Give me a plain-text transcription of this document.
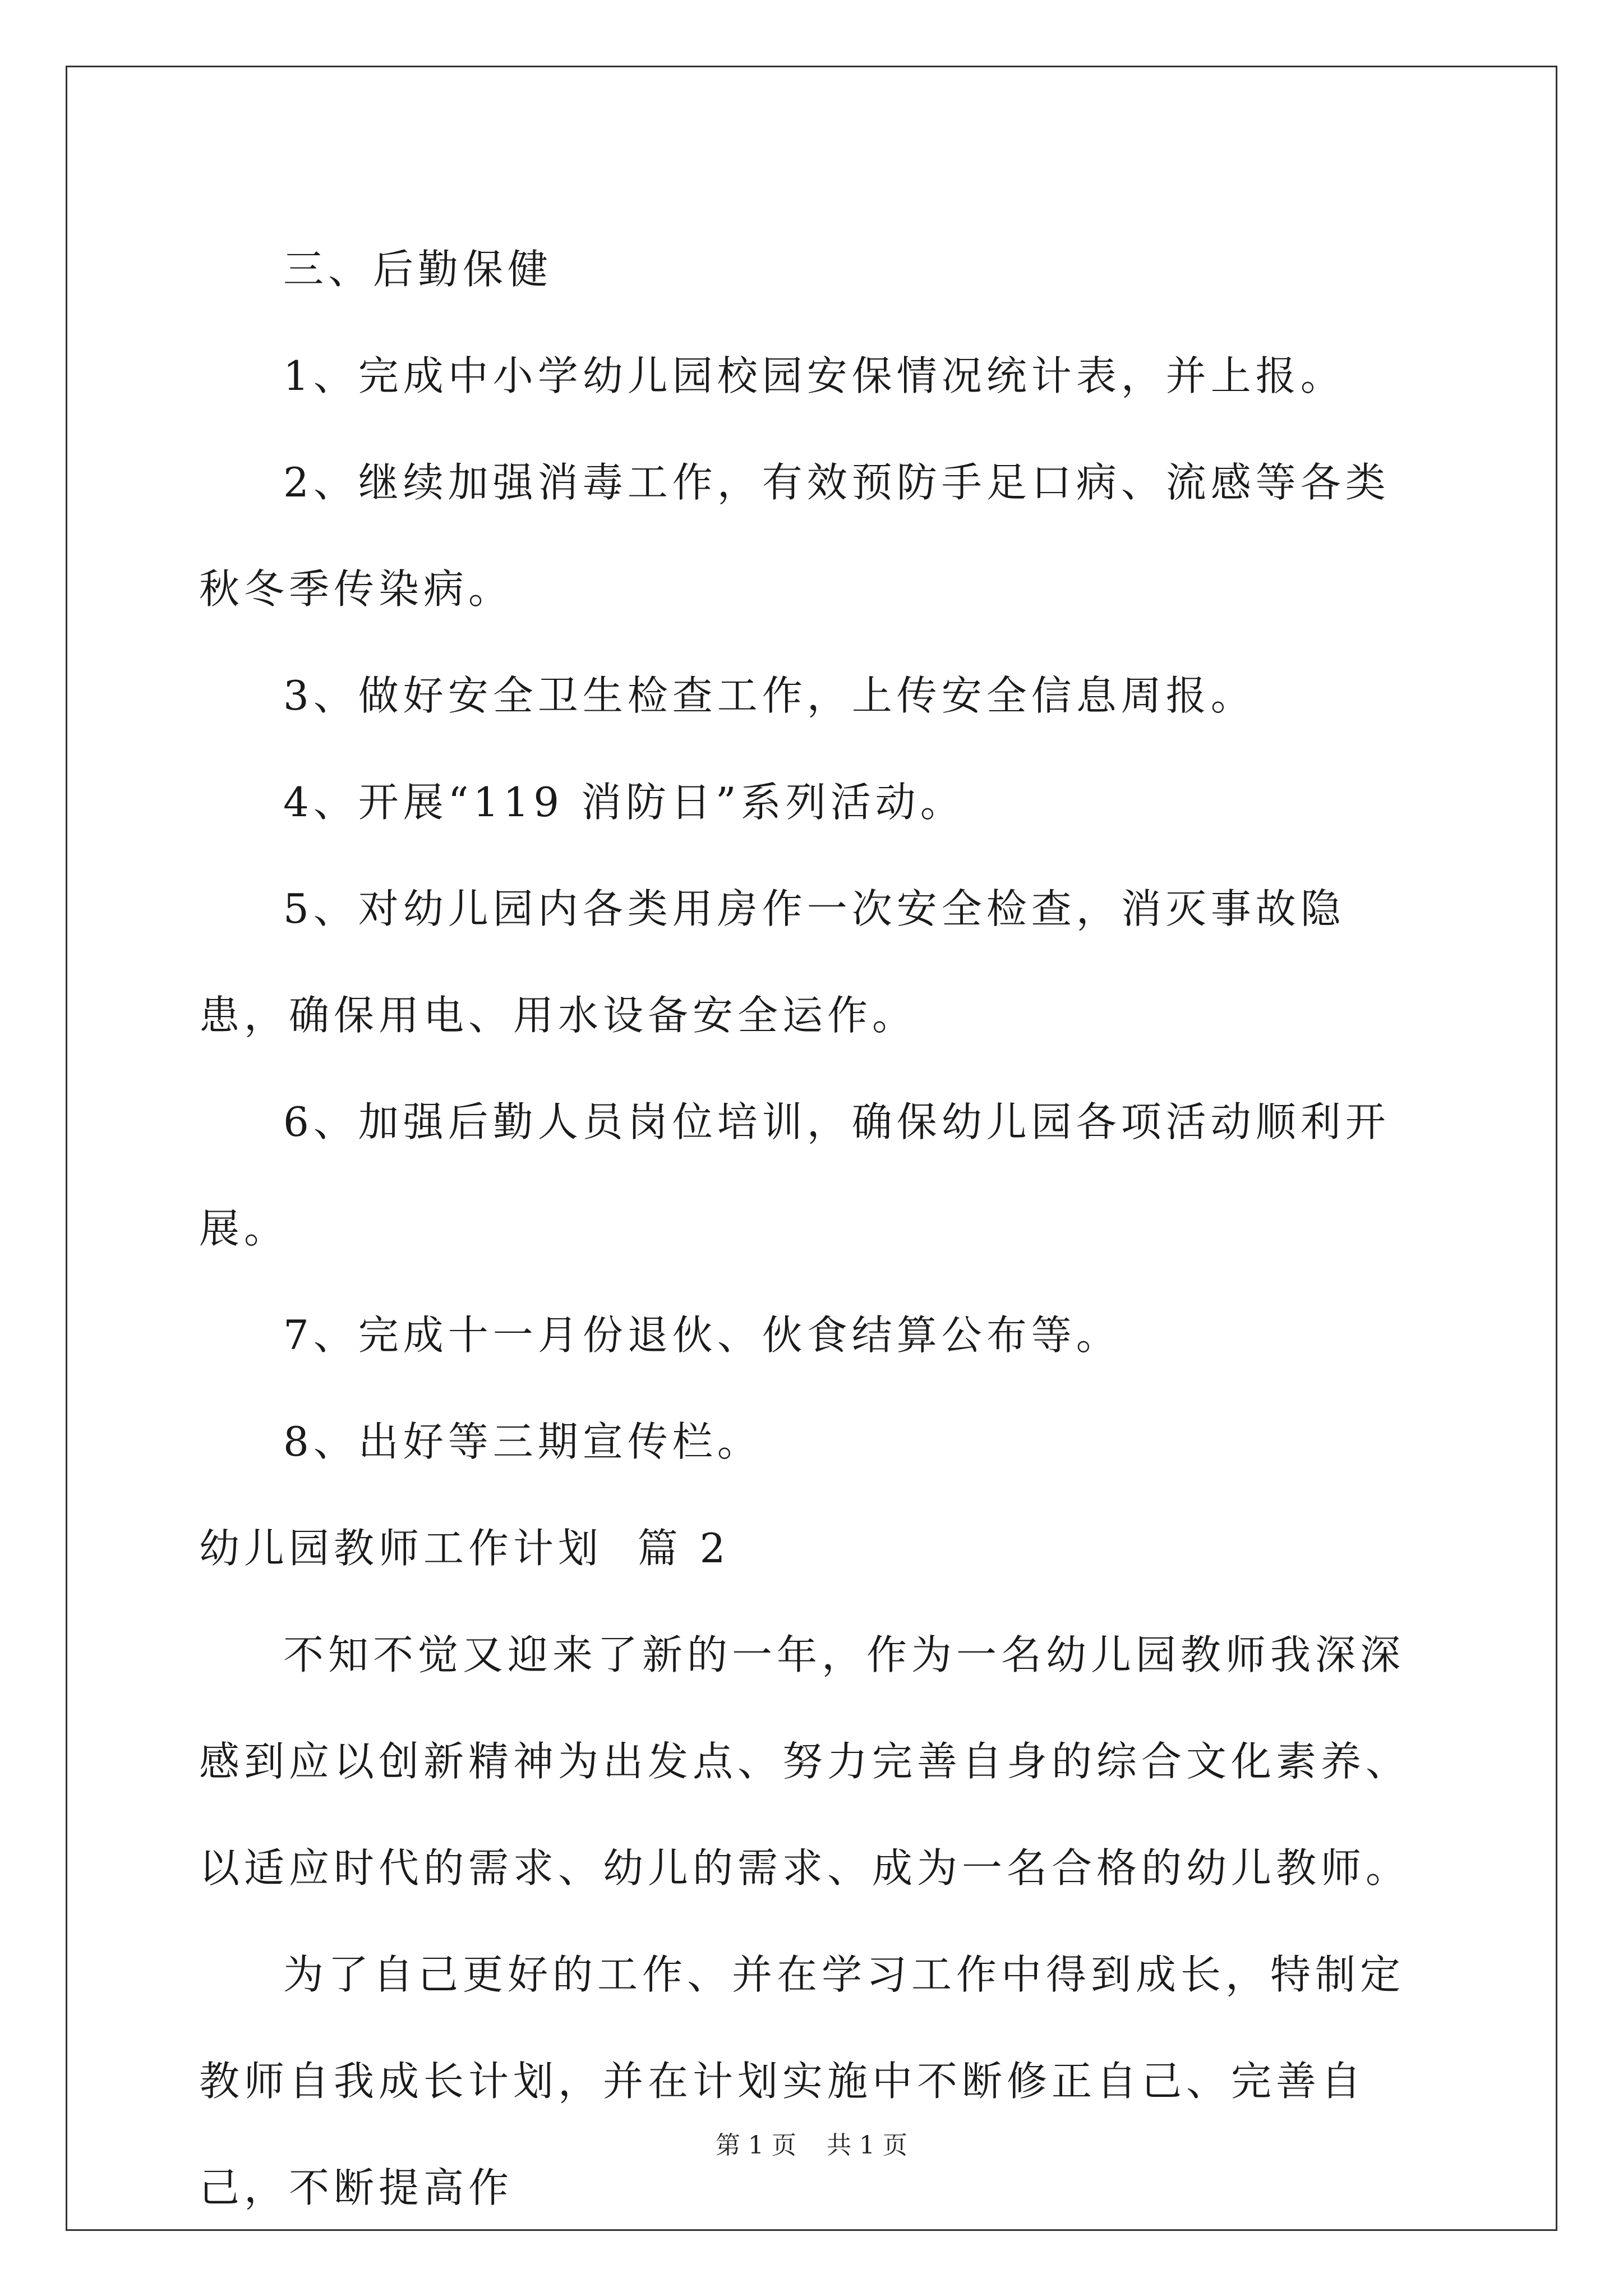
三、后勤保健

1、完成中小学幼儿园校园安保情况统计表，并上报。

2、继续加强消毒工作，有效预防手足口病、流感等各类秋冬季传染病。

3、做好安全卫生检查工作，上传安全信息周报。

4、开展“119 消防日”系列活动。

5、对幼儿园内各类用房作一次安全检查，消灭事故隐患，确保用电、用水设备安全运作。

6、加强后勤人员岗位培训，确保幼儿园各项活动顺利开展。

7、完成十一月份退伙、伙食结算公布等。

8、出好等三期宣传栏。

幼儿园教师工作计划  篇 2

不知不觉又迎来了新的一年，作为一名幼儿园教师我深深感到应以创新精神为出发点、努力完善自身的综合文化素养、以适应时代的需求、幼儿的需求、成为一名合格的幼儿教师。

为了自己更好的工作、并在学习工作中得到成长，特制定教师自我成长计划，并在计划实施中不断修正自己、完善自己，不断提高作

第 1 页 共 1 页
